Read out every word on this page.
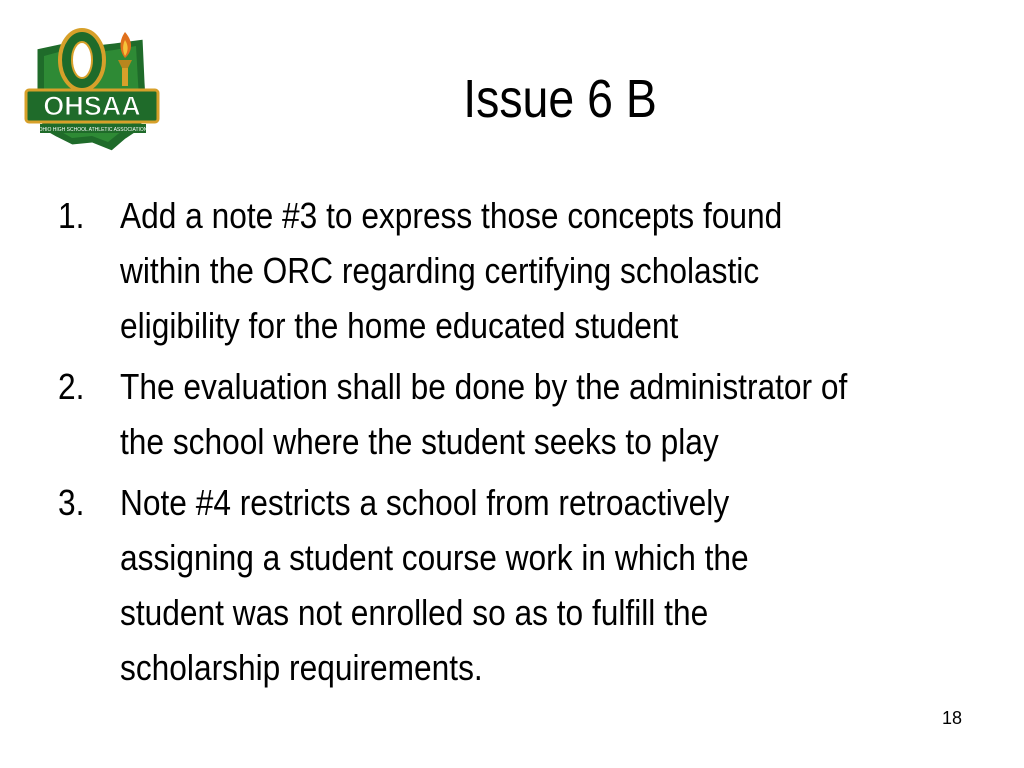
OHSAA
OHIO HIGH SCHOOL ATHLETIC ASSOCIATION
Issue 6 B
1. Add a note #3 to express those concepts found within the ORC regarding certifying scholastic eligibility for the home educated student
2. The evaluation shall be done by the administrator of the school where the student seeks to play
3. Note #4 restricts a school from retroactively assigning a student course work in which the student was not enrolled so as to fulfill the scholarship requirements.
18
